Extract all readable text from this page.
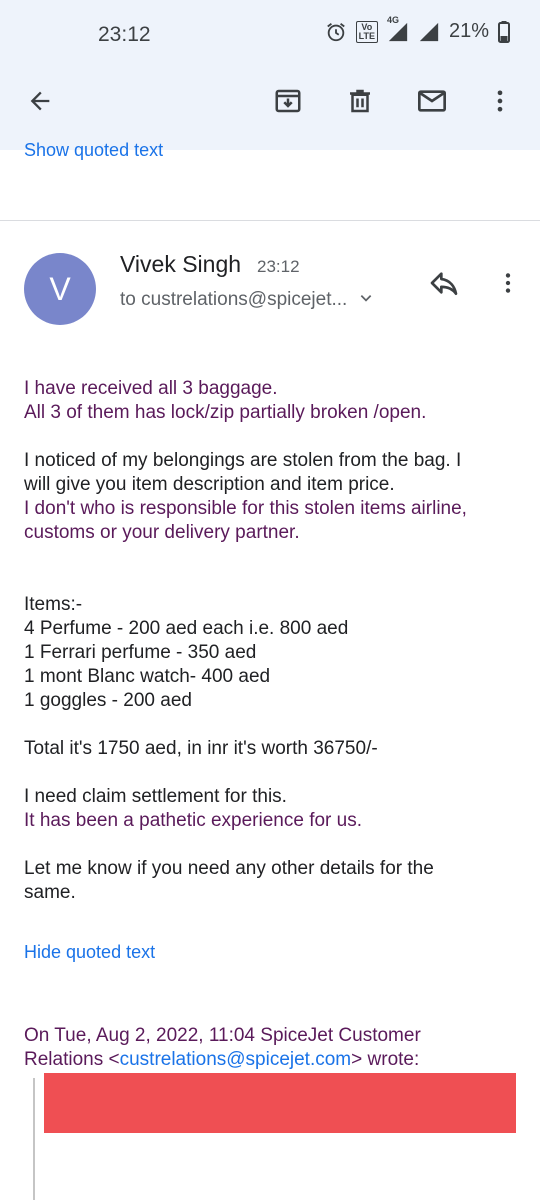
23:12	Vo
LTE
4G
21%
Show quoted text
V
Vivek Singh 23:12
to custrelations@spicejet...
I have received all 3 baggage.
All 3 of them has lock/zip partially broken /open.
I noticed of my belongings are stolen from the bag. I
will give you item description and item price.
I don't who is responsible for this stolen items airline,
customs or your delivery partner.
Items:-
4 Perfume - 200 aed each i.e. 800 aed
1 Ferrari perfume - 350 aed
1 mont Blanc watch- 400 aed
1 goggles - 200 aed
Total it's 1750 aed, in inr it's worth 36750/-
I need claim settlement for this.
It has been a pathetic experience for us.
Let me know if you need any other details for the
same.
Hide quoted text
On Tue, Aug 2, 2022, 11:04 SpiceJet Customer
Relations <custrelations@spicejet.com> wrote:
